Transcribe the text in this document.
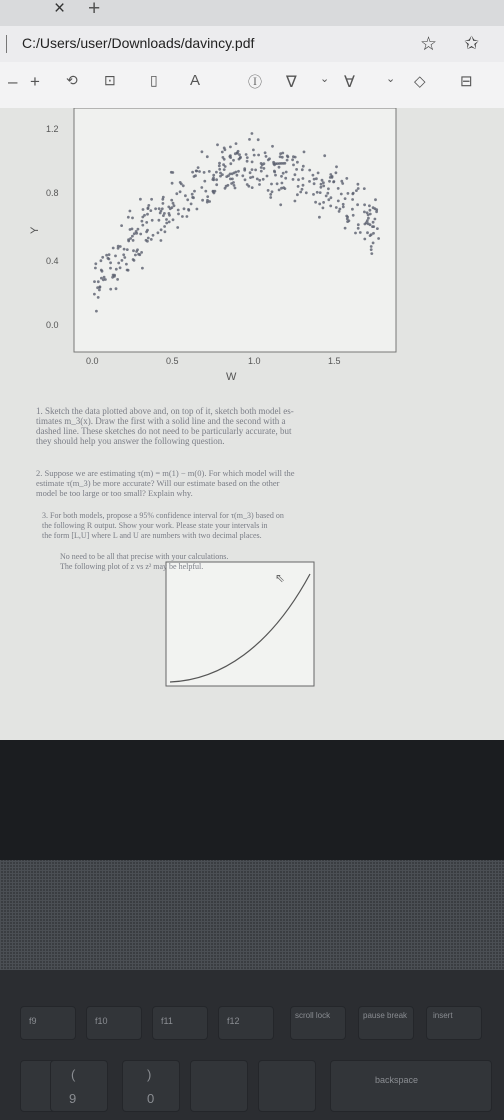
× +
C:/Users/user/Downloads/davincy.pdf	☆ ✩
– + ⟲ ⊡ ▯ A	Ⓘ ∇ ⌄ ∀	⌄ ◇ ⊟
1.2
0.8
0.4
0.0
0.0	0.5	1.0	1.5
W
Y
⇖
1. Sketch the data plotted above and, on top of it, sketch both model es-
timates m_3(x). Draw the first with a solid line and the second with a
dashed line. These sketches do not need to be particularly accurate, but
they should help you answer the following question.
2. Suppose we are estimating τ(m) = m(1) − m(0). For which model will the
estimate τ(m_3) be more accurate? Will our estimate based on the other
model be too large or too small? Explain why.
3. For both models, propose a 95% confidence interval for τ(m_3) based on
the following R output. Show your work. Please state your intervals in
the form [L,U] where L and U are numbers with two decimal places.
No need to be all that precise with your calculations.
The following plot of z vs z² may be helpful.
f9	f10	f11	f12
scroll lock	pause break	insert
(
9
)
0
backspace
